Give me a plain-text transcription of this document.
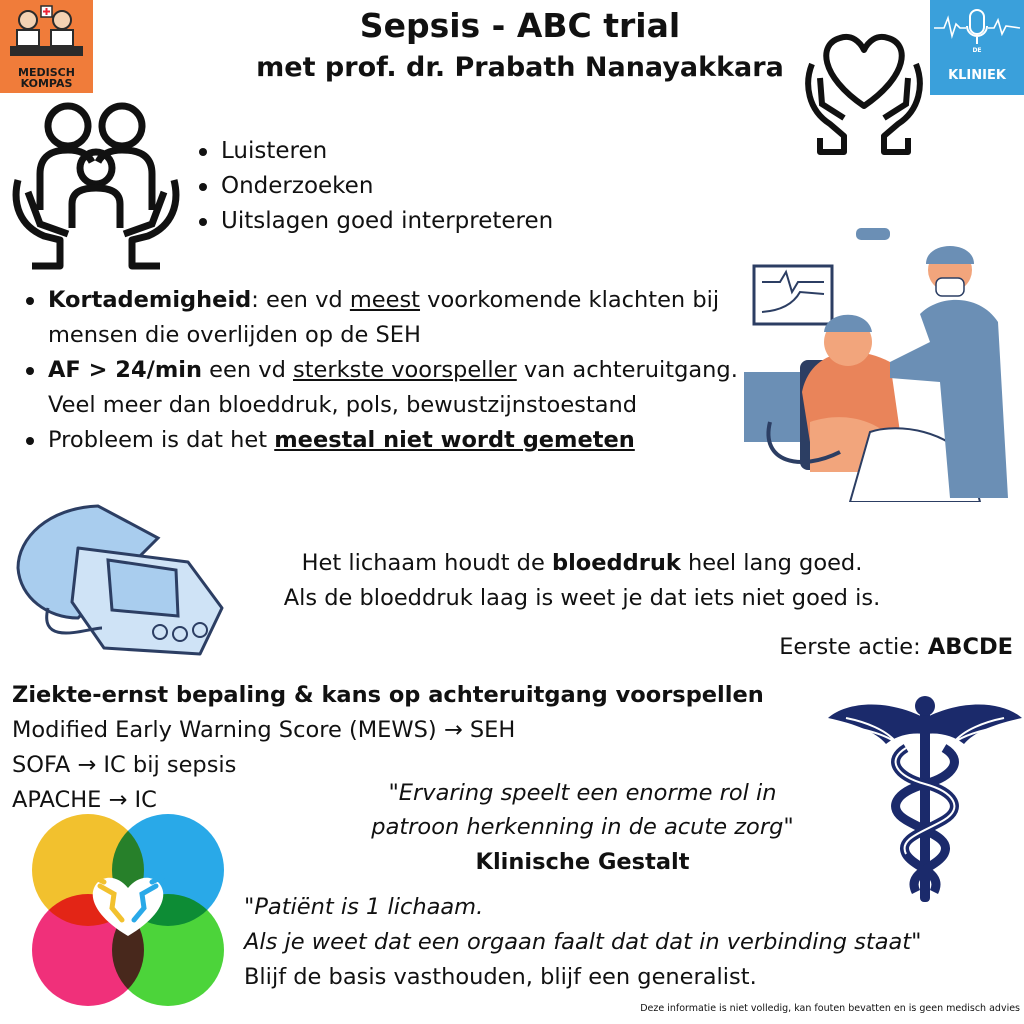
MEDISCH KOMPAS
DE
KLINIEK
Sepsis - ABC trial
met prof. dr. Prabath Nanayakkara
Luisteren
Onderzoeken
Uitslagen goed interpreteren
Kortademigheid: een vd meest voorkomende klachten bij mensen die overlijden op de SEH
AF > 24/min een vd sterkste voorspeller van achteruitgang. Veel meer dan bloeddruk, pols, bewustzijnstoestand
Probleem is dat het meestal niet wordt gemeten
Het lichaam houdt de bloeddruk heel lang goed.
Als de bloeddruk laag is weet je dat iets niet goed is.
Eerste actie: ABCDE
Ziekte-ernst bepaling & kans op achteruitgang voorspellen
Modified Early Warning Score (MEWS) → SEH
SOFA → IC bij sepsis
APACHE → IC	"Ervaring speelt een enorme rol in
patroon herkenning in de acute zorg"
Klinische Gestalt
"Patiënt is 1 lichaam.
Als je weet dat een orgaan faalt dat dat in verbinding staat"
Blijf de basis vasthouden, blijf een generalist.
Deze informatie is niet volledig, kan fouten bevatten en is geen medisch advies
